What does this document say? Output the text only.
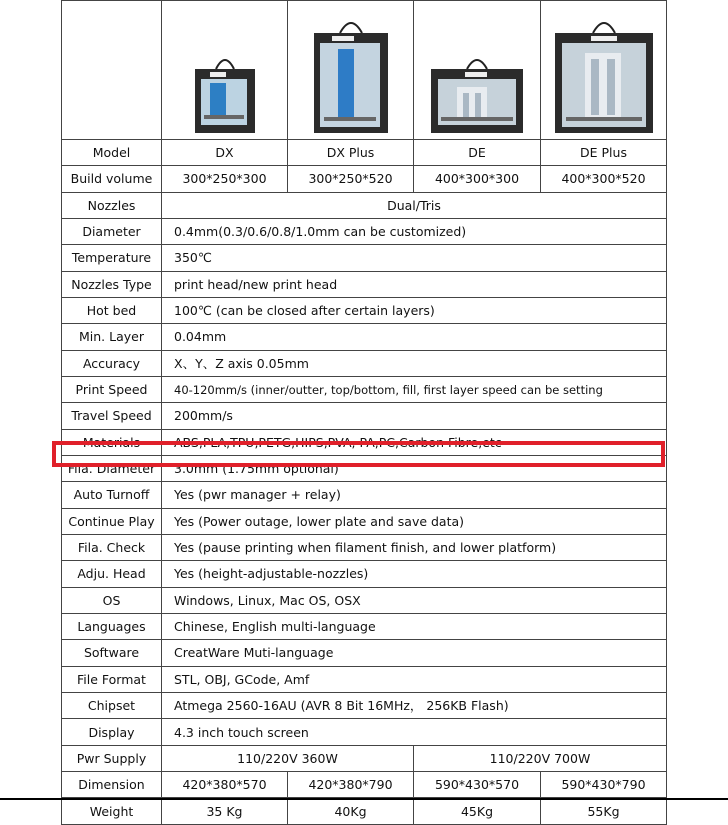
Model	DX	DX Plus	DE	DE Plus
Build volume	300*250*300	300*250*520	400*300*300	400*300*520
Nozzles	Dual/Tris			
Diameter	0.4mm(0.3/0.6/0.8/1.0mm can be customized)			
Temperature	350℃			
Nozzles Type	print head/new print head			
Hot bed	100℃ (can be closed after certain layers)			
Min. Layer	0.04mm			
Accuracy	X、Y、Z axis 0.05mm			
Print Speed	40-120mm/s (inner/outter, top/bottom, fill, first layer speed can be setting			
Travel Speed	200mm/s			
Materials	ABS,PLA,TPU,PETG,HIPS,PVA, PA,PC,Carbon Fibre,etc			
Fila. Diameter	3.0mm (1.75mm optional)			
Auto Turnoff	Yes (pwr manager + relay)			
Continue Play	Yes (Power outage, lower plate and save data)			
Fila. Check	Yes (pause printing when filament finish, and lower platform)			
Adju. Head	Yes (height-adjustable-nozzles)			
OS	Windows, Linux, Mac OS, OSX			
Languages	Chinese, English multi-language			
Software	CreatWare Muti-language			
File Format	STL, OBJ, GCode, Amf			
Chipset	Atmega 2560-16AU (AVR 8 Bit 16MHz， 256KB Flash)			
Display	4.3 inch touch screen			
Pwr Supply	110/220V 360W		110/220V 700W	
Dimension	420*380*570	420*380*790	590*430*570	590*430*790
Weight	35 Kg	40Kg	45Kg	55Kg
